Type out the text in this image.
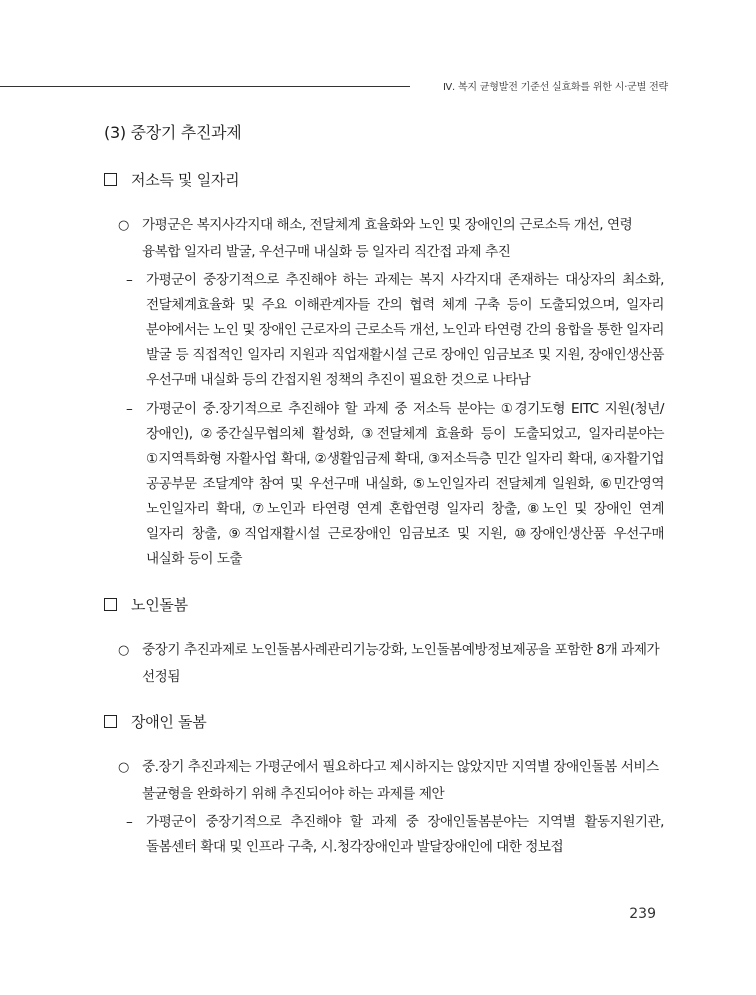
Ⅳ. 복지 균형발전 기준선 실효화를 위한 시·군별 전략
(3) 중장기 추진과제
저소득 및 일자리
○ 가평군은 복지사각지대 해소, 전달체계 효율화와 노인 및 장애인의 근로소득 개선, 연령 융복합 일자리 발굴, 우선구매 내실화 등 일자리 직간접 과제 추진
–	가평군이 중장기적으로 추진해야 하는 과제는 복지 사각지대 존재하는 대상자의 최소화, 전달체계효율화 및 주요 이해관계자들 간의 협력 체계 구축 등이 도출되었으며, 일자리 분야에서는 노인 및 장애인 근로자의 근로소득 개선, 노인과 타연령 간의 융합을 통한 일자리 발굴 등 직접적인 일자리 지원과 직업재활시설 근로 장애인 임금보조 및 지원, 장애인생산품 우선구매 내실화 등의 간접지원 정책의 추진이 필요한 것으로 나타남
–	가평군이 중.장기적으로 추진해야 할 과제 중 저소득 분야는 ①경기도형 EITC 지원(청년/장애인), ②중간실무협의체 활성화, ③전달체계 효율화 등이 도출되었고, 일자리분야는 ①지역특화형 자활사업 확대, ②생활임금제 확대, ③저소득층 민간 일자리 확대, ④자활기업 공공부문 조달계약 참여 및 우선구매 내실화, ⑤노인일자리 전달체계 일원화, ⑥민간영역 노인일자리 확대, ⑦노인과 타연령 연계 혼합연령 일자리 창출, ⑧노인 및 장애인 연계 일자리 창출, ⑨직업재활시설 근로장애인 임금보조 및 지원, ⑩장애인생산품 우선구매 내실화 등이 도출
노인돌봄
○ 중장기 추진과제로 노인돌봄사례관리기능강화, 노인돌봄예방정보제공을 포함한 8개 과제가 선정됨
장애인 돌봄
○ 중.장기 추진과제는 가평군에서 필요하다고 제시하지는 않았지만 지역별 장애인돌봄 서비스 불균형을 완화하기 위해 추진되어야 하는 과제를 제안
–	가평군이 중장기적으로 추진해야 할 과제 중 장애인돌봄분야는 지역별 활동지원기관, 돌봄센터 확대 및 인프라 구축, 시.청각장애인과 발달장애인에 대한 정보접
239
